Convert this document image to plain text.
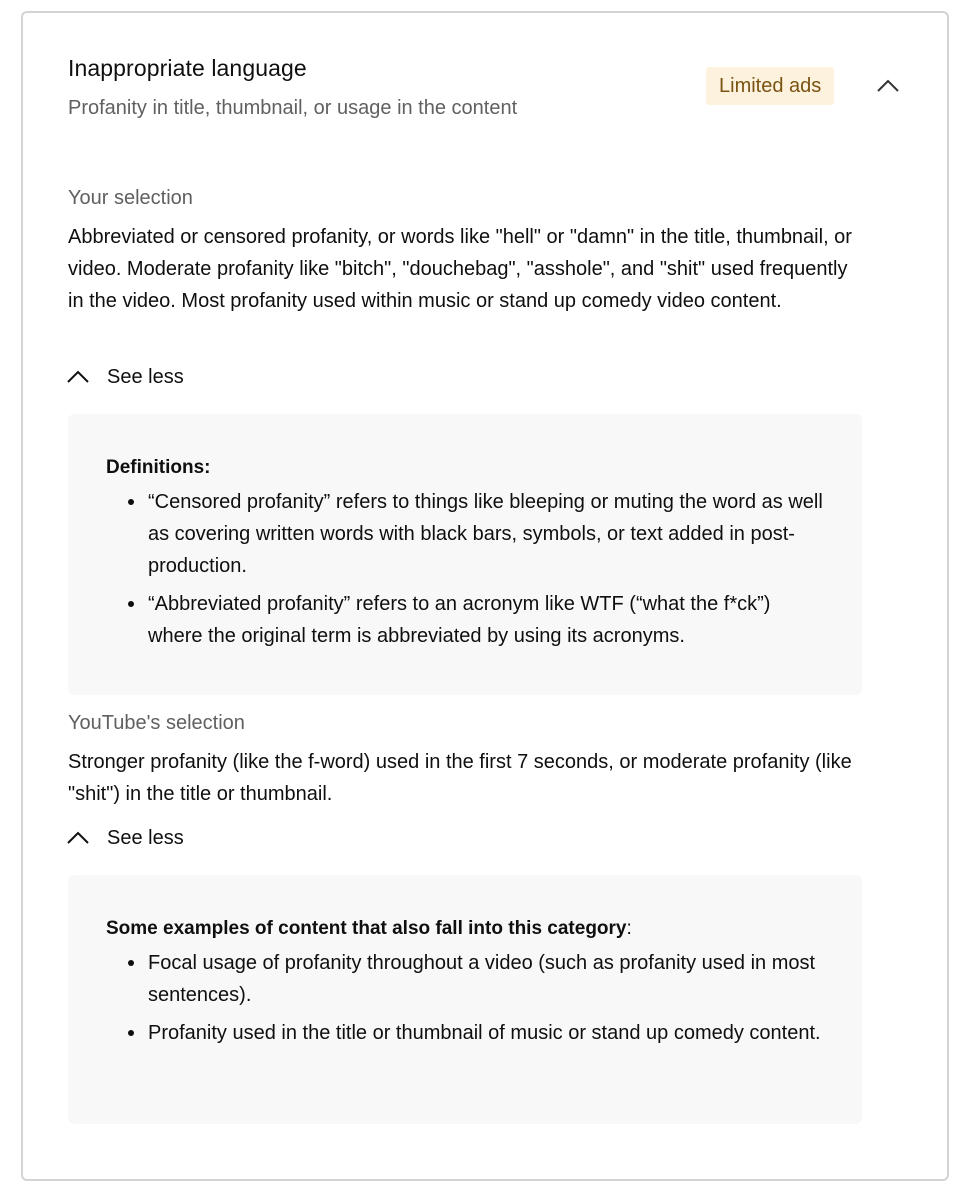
Inappropriate language
Profanity in title, thumbnail, or usage in the content
Limited ads
Your selection
Abbreviated or censored profanity, or words like "hell" or "damn" in the title, thumbnail, or video. Moderate profanity like "bitch", "douchebag", "asshole", and "shit" used frequently in the video. Most profanity used within music or stand up comedy video content.
See less
Definitions:
“Censored profanity” refers to things like bleeping or muting the word as well as covering written words with black bars, symbols, or text added in post-production.
“Abbreviated profanity” refers to an acronym like WTF (“what the f*ck”) where the original term is abbreviated by using its acronyms.
YouTube's selection
Stronger profanity (like the f-word) used in the first 7 seconds, or moderate profanity (like "shit") in the title or thumbnail.
See less
Some examples of content that also fall into this category:
Focal usage of profanity throughout a video (such as profanity used in most sentences).
Profanity used in the title or thumbnail of music or stand up comedy content.
